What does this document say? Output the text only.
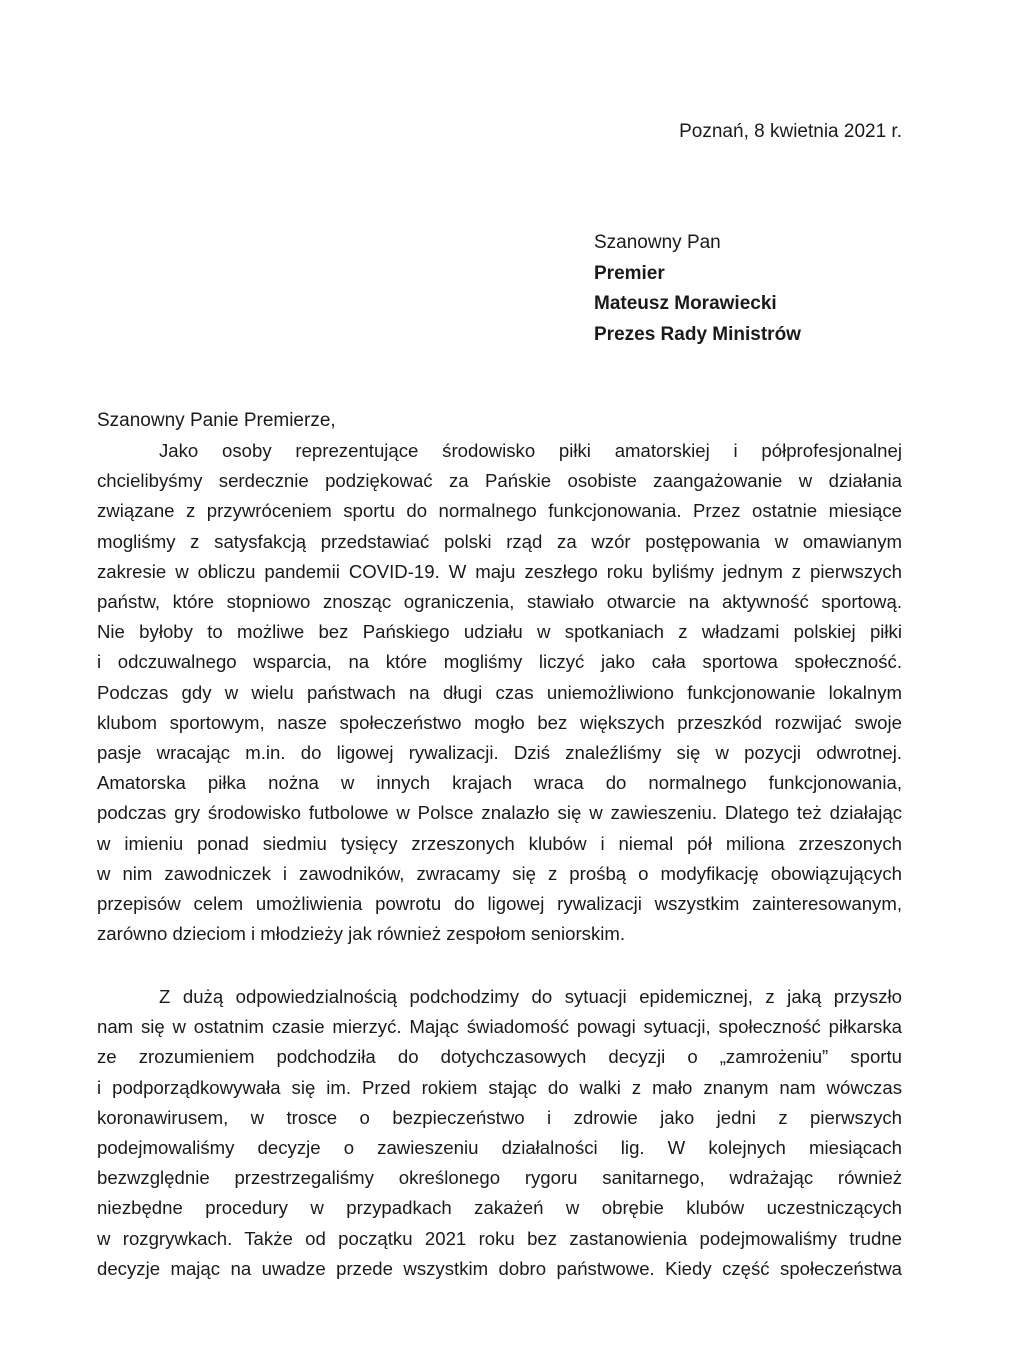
Poznań, 8 kwietnia 2021 r.
Szanowny Pan
Premier
Mateusz Morawiecki
Prezes Rady Ministrów
Szanowny Panie Premierze,
Jako osoby reprezentujące środowisko piłki amatorskiej i półprofesjonalnej
chcielibyśmy serdecznie podziękować za Pańskie osobiste zaangażowanie w działania
związane z przywróceniem sportu do normalnego funkcjonowania. Przez ostatnie miesiące
mogliśmy z satysfakcją przedstawiać polski rząd za wzór postępowania w omawianym
zakresie w obliczu pandemii COVID-19. W maju zeszłego roku byliśmy jednym z pierwszych
państw, które stopniowo znosząc ograniczenia, stawiało otwarcie na aktywność sportową.
Nie byłoby to możliwe bez Pańskiego udziału w spotkaniach z władzami polskiej piłki
i odczuwalnego wsparcia, na które mogliśmy liczyć jako cała sportowa społeczność.
Podczas gdy w wielu państwach na długi czas uniemożliwiono funkcjonowanie lokalnym
klubom sportowym, nasze społeczeństwo mogło bez większych przeszkód rozwijać swoje
pasje wracając m.in. do ligowej rywalizacji. Dziś znaleźliśmy się w pozycji odwrotnej.
Amatorska piłka nożna w innych krajach wraca do normalnego funkcjonowania,
podczas gry środowisko futbolowe w Polsce znalazło się w zawieszeniu. Dlatego też działając
w imieniu ponad siedmiu tysięcy zrzeszonych klubów i niemal pół miliona zrzeszonych
w nim zawodniczek i zawodników, zwracamy się z prośbą o modyfikację obowiązujących
przepisów celem umożliwienia powrotu do ligowej rywalizacji wszystkim zainteresowanym,
zarówno dzieciom i młodzieży jak również zespołom seniorskim.
Z dużą odpowiedzialnością podchodzimy do sytuacji epidemicznej, z jaką przyszło
nam się w ostatnim czasie mierzyć. Mając świadomość powagi sytuacji, społeczność piłkarska
ze zrozumieniem podchodziła do dotychczasowych decyzji o „zamrożeniu” sportu
i podporządkowywała się im. Przed rokiem stając do walki z mało znanym nam wówczas
koronawirusem, w trosce o bezpieczeństwo i zdrowie jako jedni z pierwszych
podejmowaliśmy decyzje o zawieszeniu działalności lig. W kolejnych miesiącach
bezwzględnie przestrzegaliśmy określonego rygoru sanitarnego, wdrażając również
niezbędne procedury w przypadkach zakażeń w obrębie klubów uczestniczących
w rozgrywkach. Także od początku 2021 roku bez zastanowienia podejmowaliśmy trudne
decyzje mając na uwadze przede wszystkim dobro państwowe. Kiedy część społeczeństwa
